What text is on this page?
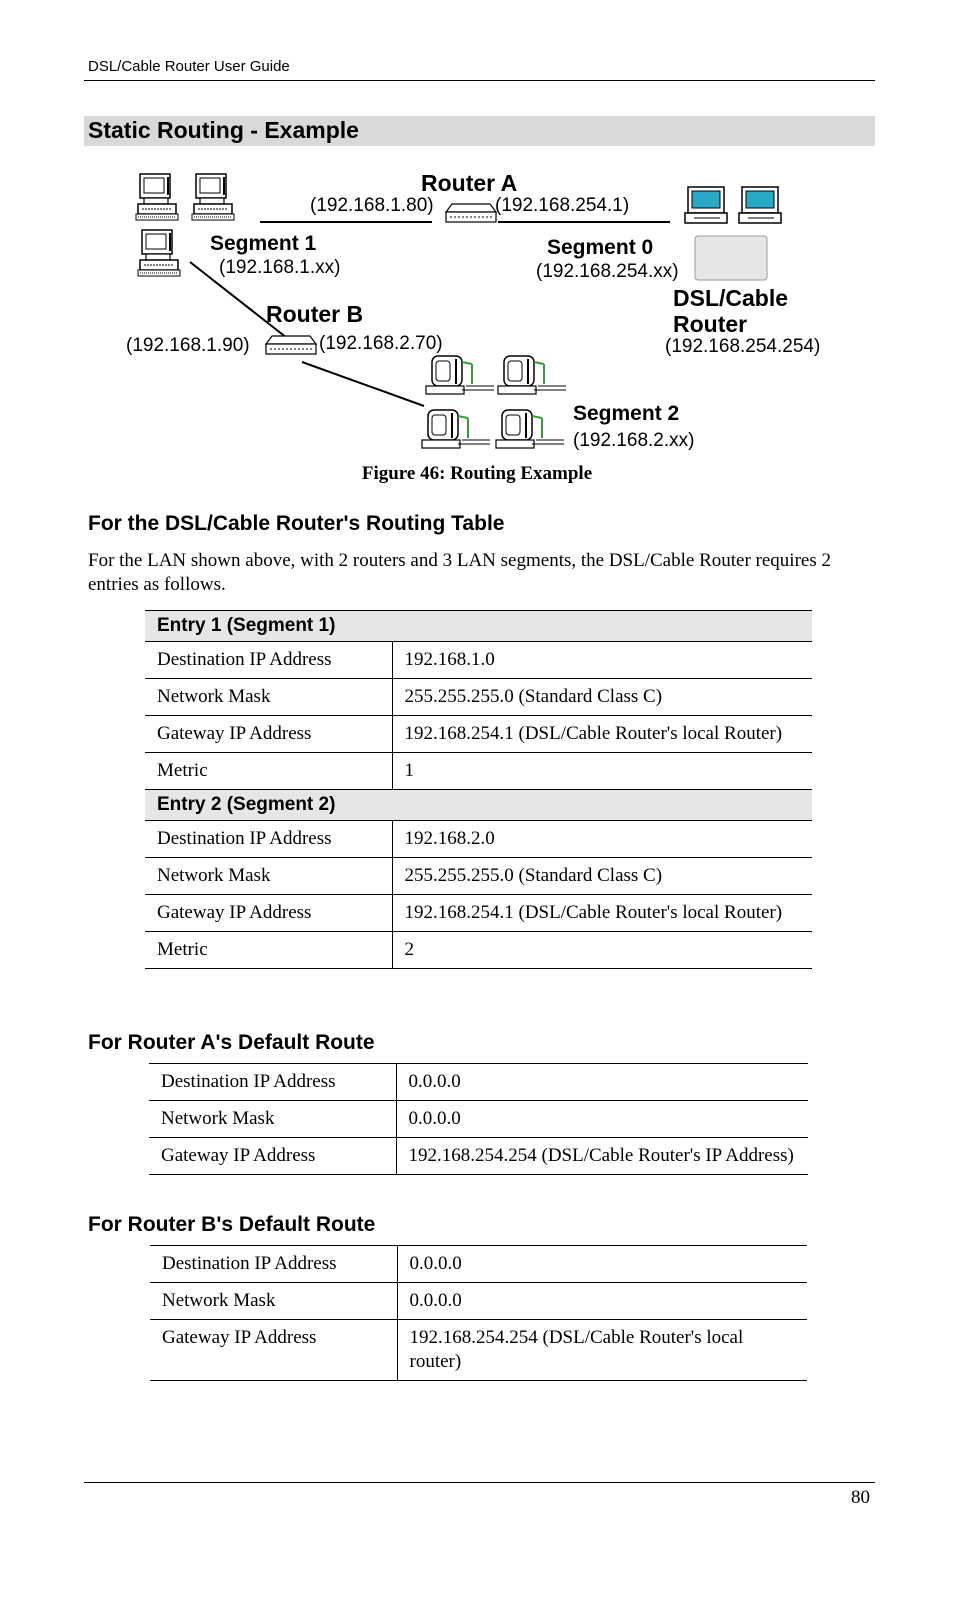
DSL/Cable Router User Guide
Static Routing - Example
Router A
(192.168.1.80)	(192.168.254.1)
Segment 1
(192.168.1.xx)
Segment 0
(192.168.254.xx)
DSL/Cable
Router
(192.168.254.254)
Router B
(192.168.1.90)	(192.168.2.70)
Segment 2
(192.168.2.xx)
Figure 46: Routing Example
For the DSL/Cable Router's Routing Table
For the LAN shown above, with 2 routers and 3 LAN segments, the DSL/Cable Router requires 2 entries as follows.
Entry 1 (Segment 1)	
Destination IP Address	192.168.1.0
Network Mask	255.255.255.0 (Standard Class C)
Gateway IP Address	192.168.254.1 (DSL/Cable Router's local Router)
Metric	1
Entry 2 (Segment 2)	
Destination IP Address	192.168.2.0
Network Mask	255.255.255.0 (Standard Class C)
Gateway IP Address	192.168.254.1 (DSL/Cable Router's local Router)
Metric	2
For Router A's Default Route
Destination IP Address	0.0.0.0
Network Mask	0.0.0.0
Gateway IP Address	192.168.254.254 (DSL/Cable Router's IP Address)
For Router B's Default Route
Destination IP Address	0.0.0.0
Network Mask	0.0.0.0
Gateway IP Address	192.168.254.254 (DSL/Cable Router's local router)
80
